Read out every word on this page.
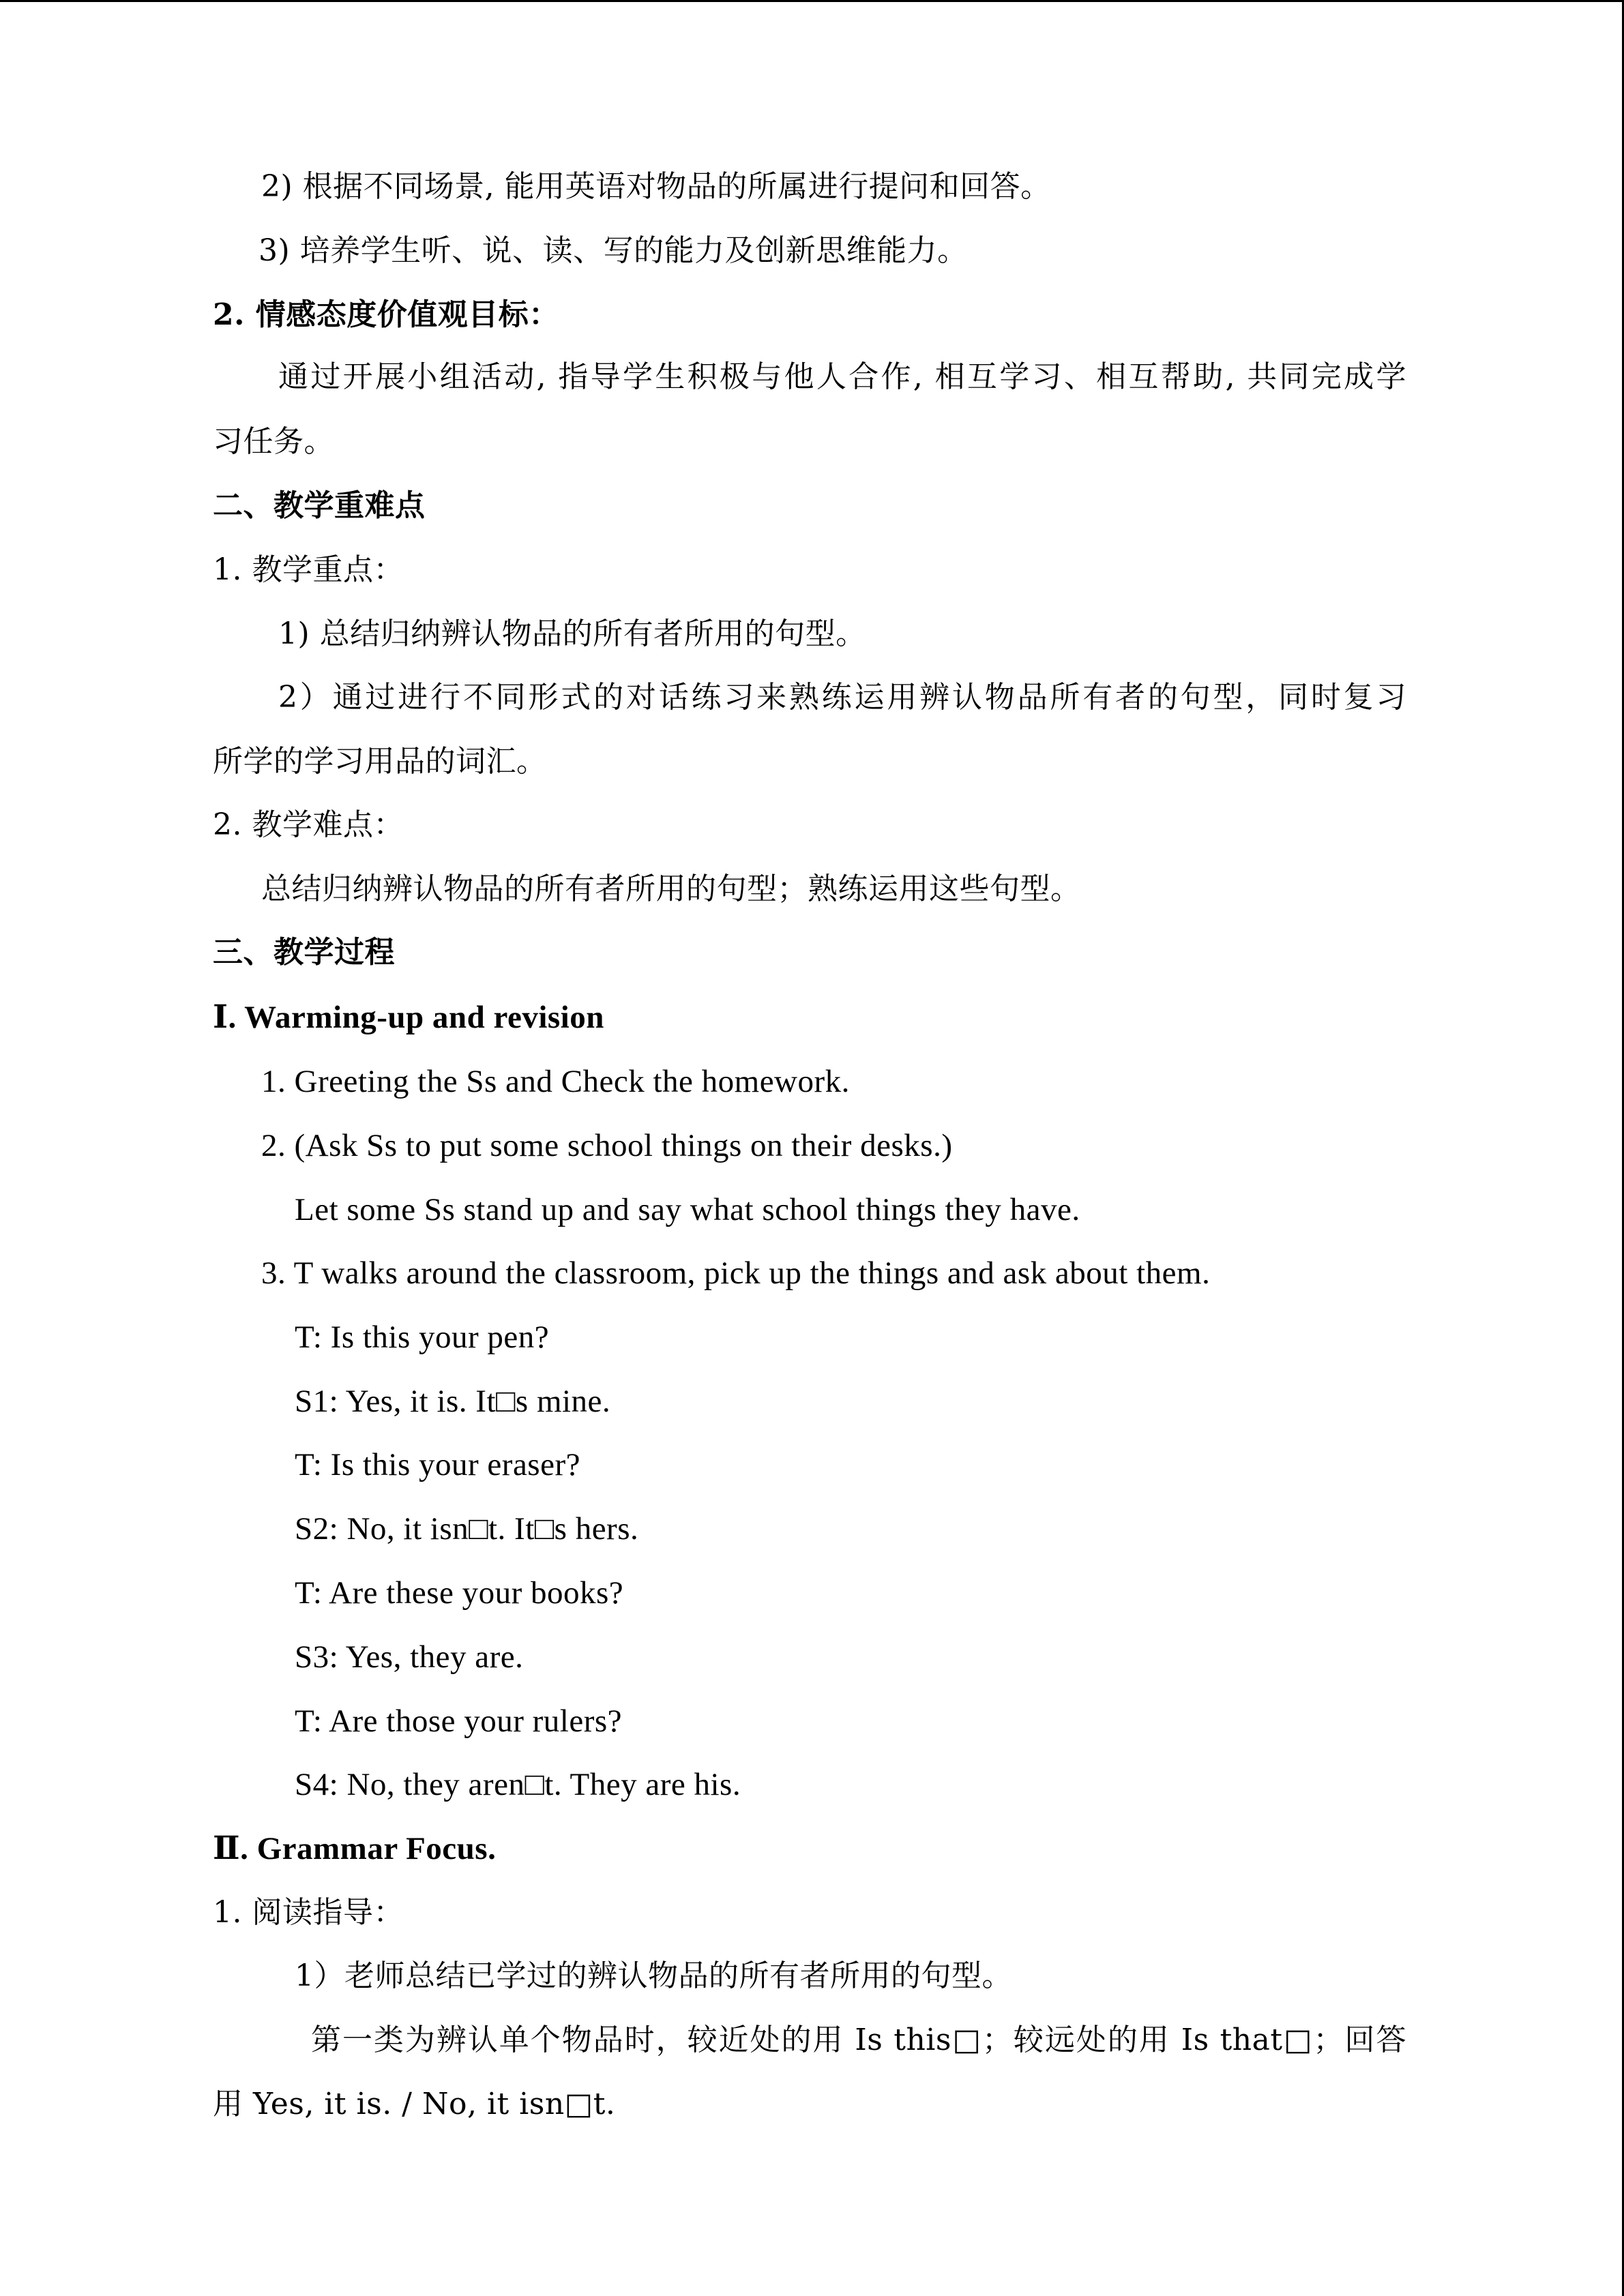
2) 根据不同场景, 能用英语对物品的所属进行提问和回答。
3) 培养学生听、说、读、写的能力及创新思维能力。
2. 情感态度价值观目标：
通过开展小组活动, 指导学生积极与他人合作, 相互学习、相互帮助, 共同完成学
习任务。
二、教学重难点
1. 教学重点：
1) 总结归纳辨认物品的所有者所用的句型。
2）通过进行不同形式的对话练习来熟练运用辨认物品所有者的句型，同时复习
所学的学习用品的词汇。
2. 教学难点：
总结归纳辨认物品的所有者所用的句型；熟练运用这些句型。
三、教学过程
Ⅰ. Warming-up and revision
1. Greeting the Ss and Check the homework.
2. (Ask Ss to put some school things on their desks.)
Let some Ss stand up and say what school things they have.
3. T walks around the classroom, pick up the things and ask about them.
T: Is this your pen?
S1: Yes, it is. It□s mine.
T: Is this your eraser?
S2: No, it isn□t. It□s hers.
T: Are these your books?
S3: Yes, they are.
T: Are those your rulers?
S4: No, they aren□t. They are his.
Ⅱ. Grammar Focus.
1. 阅读指导：
1）老师总结已学过的辨认物品的所有者所用的句型。
第一类为辨认单个物品时，较近处的用 Is this□；较远处的用 Is that□；回答
用 Yes, it is. / No, it isn□t.
